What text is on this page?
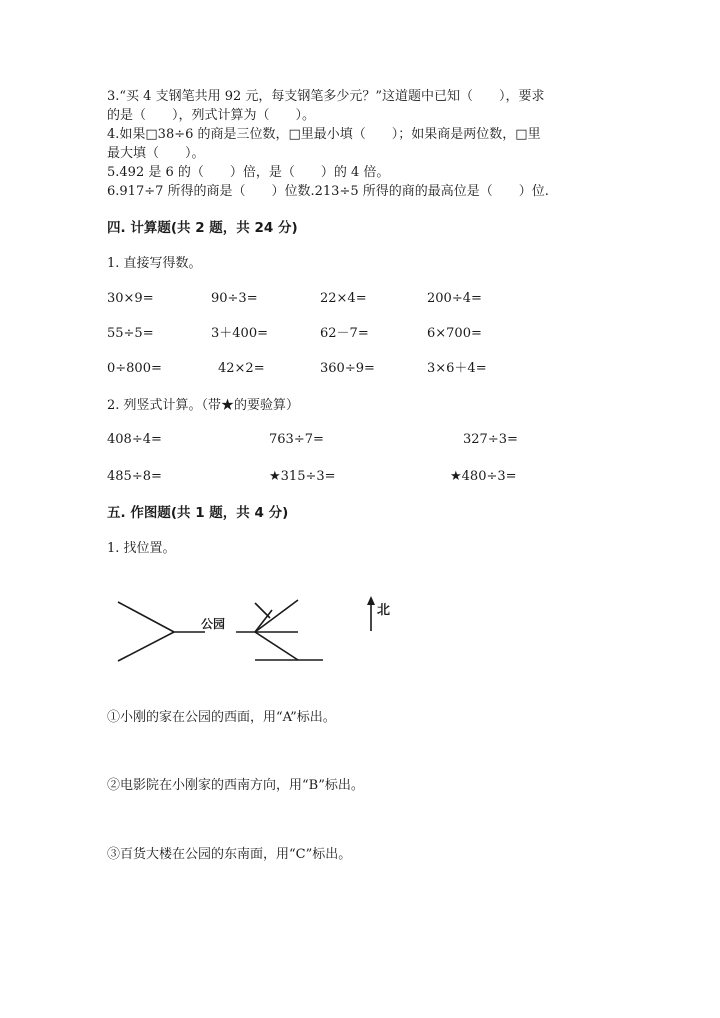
3.“买 4 支钢笔共用 92 元，每支钢笔多少元？”这道题中已知（　　），要求
的是（　　），列式计算为（　　）。
4.如果□38÷6 的商是三位数，□里最小填（　　）；如果商是两位数，□里
最大填（　　）。
5.492 是 6 的（　　）倍，是（　　）的 4 倍。
6.917÷7 所得的商是（　　）位数.213÷5 所得的商的最高位是（　　）位.
四. 计算题(共 2 题，共 24 分)
1. 直接写得数。
30×9=	90÷3=	22×4=	200÷4=
55÷5=	3＋400=	62－7=	6×700=
0÷800=	42×2=	360÷9=	3×6＋4=
2. 列竖式计算。（带★的要验算）
408÷4=	763÷7=	327÷3=
485÷8=	★315÷3=	★480÷3=
五. 作图题(共 1 题，共 4 分)
1. 找位置。
公园
北
①小刚的家在公园的西面，用“A”标出。
②电影院在小刚家的西南方向，用“B”标出。
③百货大楼在公园的东南面，用“C”标出。
